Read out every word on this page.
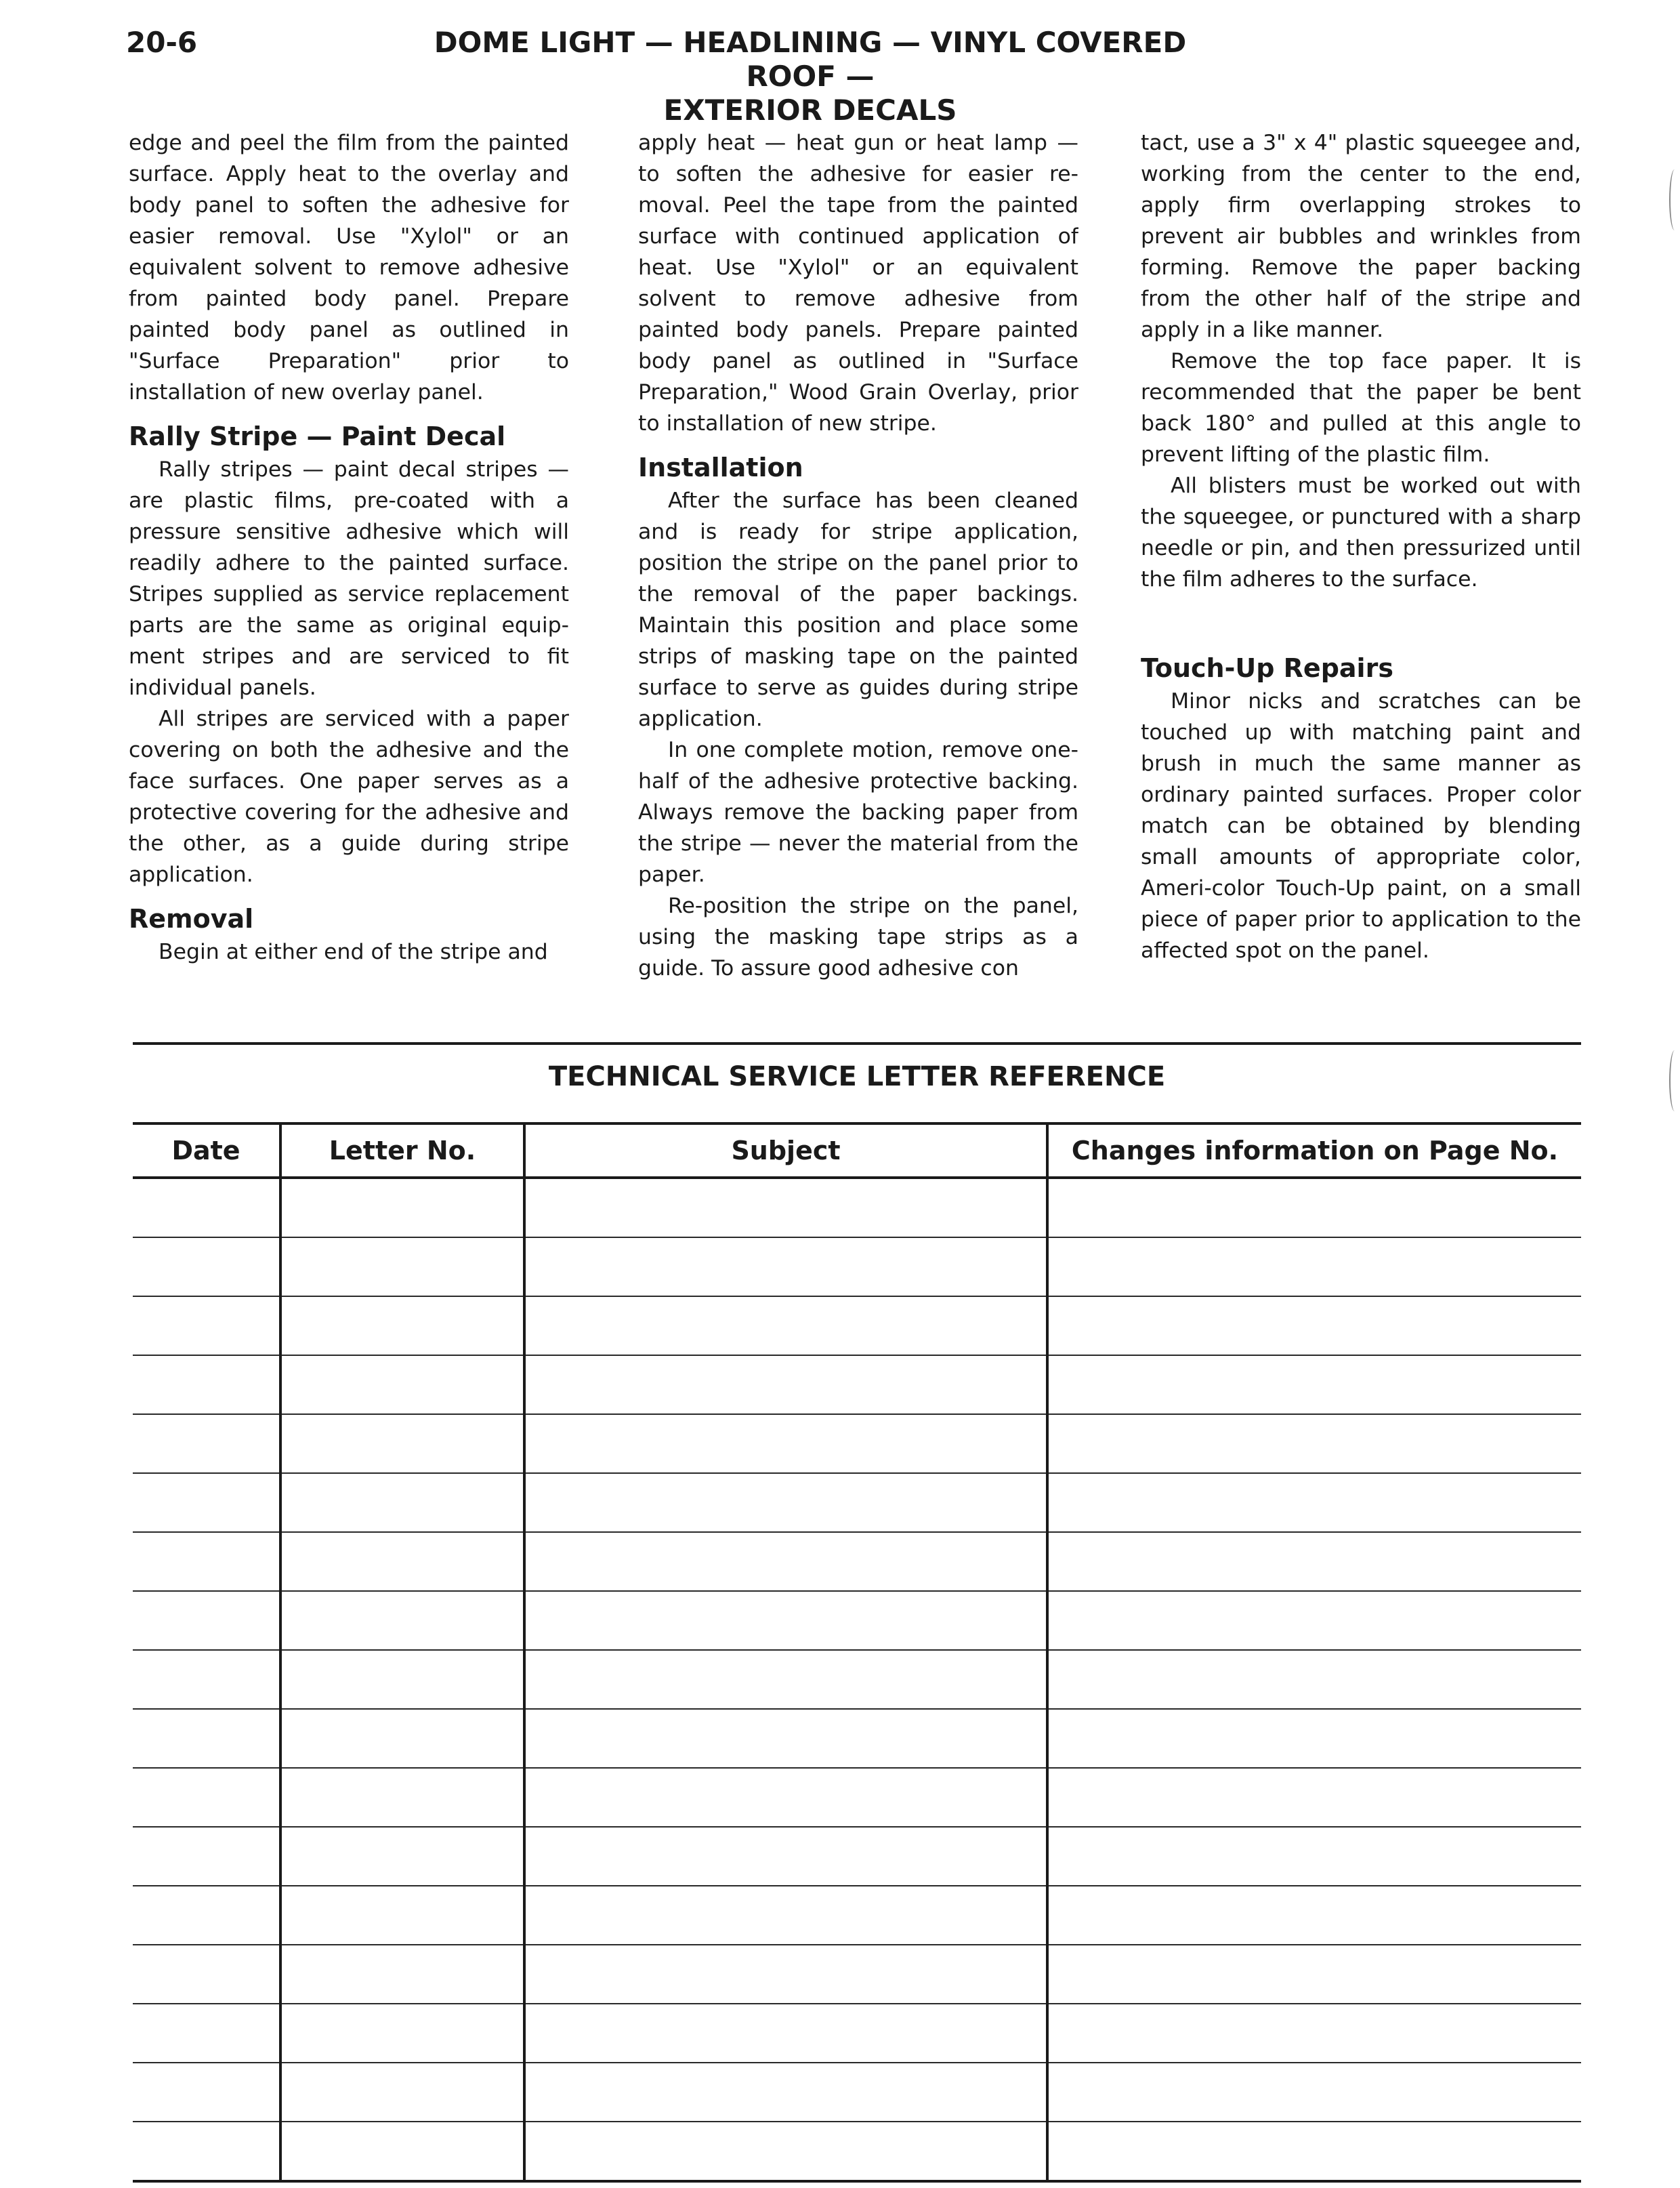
20-6	DOME LIGHT — HEADLINING — VINYL COVERED ROOF —
EXTERIOR DECALS

edge and peel the film from the painted surface. Apply heat to the overlay and body panel to soften the adhesive for easier removal. Use "Xylol" or an equivalent solvent to remove adhesive from painted body panel. Prepare painted body panel as outlined in "Surface Preparation" prior to installation of new overlay panel.

Rally Stripe — Paint Decal

Rally stripes — paint decal stripes — are plastic films, pre-coated with a pressure sensitive adhesive which will readily adhere to the painted surface. Stripes supplied as service replacement parts are the same as original equipment stripes and are serviced to fit individual panels.

All stripes are serviced with a paper covering on both the adhesive and the face surfaces. One paper serves as a protective covering for the adhesive and the other, as a guide during stripe application.

Removal

Begin at either end of the stripe and

apply heat — heat gun or heat lamp — to soften the adhesive for easier removal. Peel the tape from the painted surface with continued application of heat. Use "Xylol" or an equivalent solvent to remove adhesive from painted body panels. Prepare painted body panel as outlined in "Surface Preparation," Wood Grain Overlay, prior to installation of new stripe.

Installation

After the surface has been cleaned and is ready for stripe application, position the stripe on the panel prior to the removal of the paper backings. Maintain this position and place some strips of masking tape on the painted surface to serve as guides during stripe application.

In one complete motion, remove one-half of the adhesive protective backing. Always remove the backing paper from the stripe — never the material from the paper.

Re-position the stripe on the panel, using the masking tape strips as a guide. To assure good adhesive con

tact, use a 3" x 4" plastic squeegee and, working from the center to the end, apply firm overlapping strokes to prevent air bubbles and wrinkles from forming. Remove the paper backing from the other half of the stripe and apply in a like manner.

Remove the top face paper. It is recommended that the paper be bent back 180° and pulled at this angle to prevent lifting of the plastic film.

All blisters must be worked out with the squeegee, or punctured with a sharp needle or pin, and then pressurized until the film adheres to the surface.

Touch-Up Repairs

Minor nicks and scratches can be touched up with matching paint and brush in much the same manner as ordinary painted surfaces. Proper color match can be obtained by blending small amounts of appropriate color, Ameri-color Touch-Up paint, on a small piece of paper prior to application to the affected spot on the panel.

TECHNICAL SERVICE LETTER REFERENCE
Date	Letter No.	Subject	Changes information on Page No.
